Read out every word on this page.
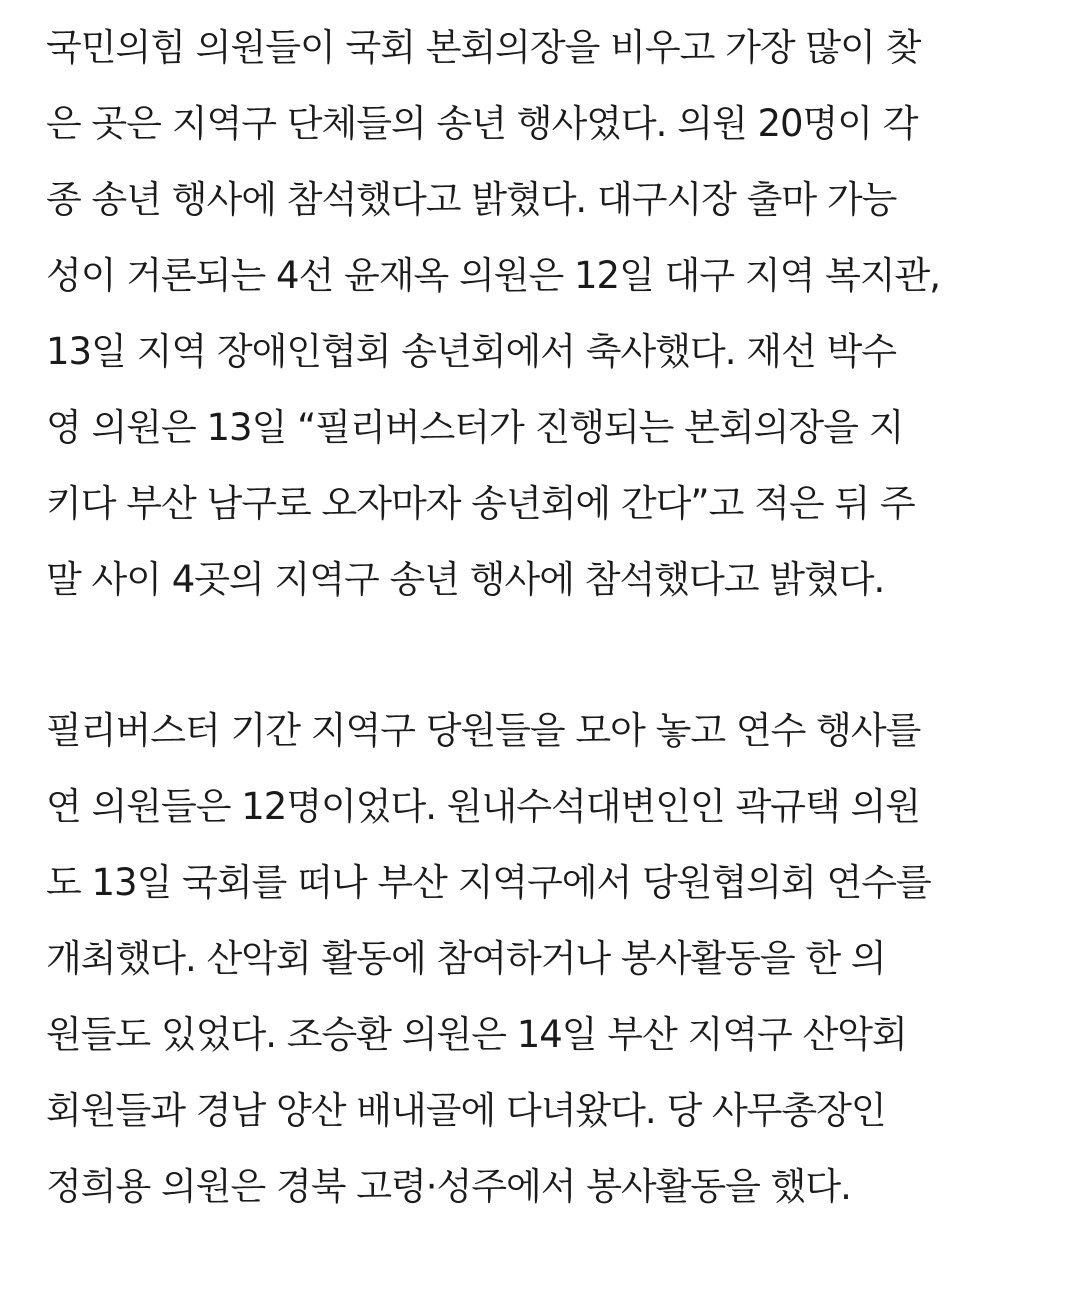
국민의힘 의원들이 국회 본회의장을 비우고 가장 많이 찾
은 곳은 지역구 단체들의 송년 행사였다. 의원 20명이 각
종 송년 행사에 참석했다고 밝혔다. 대구시장 출마 가능
성이 거론되는 4선 윤재옥 의원은 12일 대구 지역 복지관,
13일 지역 장애인협회 송년회에서 축사했다. 재선 박수
영 의원은 13일 “필리버스터가 진행되는 본회의장을 지
키다 부산 남구로 오자마자 송년회에 간다”고 적은 뒤 주
말 사이 4곳의 지역구 송년 행사에 참석했다고 밝혔다.

필리버스터 기간 지역구 당원들을 모아 놓고 연수 행사를
연 의원들은 12명이었다. 원내수석대변인인 곽규택 의원
도 13일 국회를 떠나 부산 지역구에서 당원협의회 연수를
개최했다. 산악회 활동에 참여하거나 봉사활동을 한 의
원들도 있었다. 조승환 의원은 14일 부산 지역구 산악회
회원들과 경남 양산 배내골에 다녀왔다. 당 사무총장인
정희용 의원은 경북 고령·성주에서 봉사활동을 했다.
